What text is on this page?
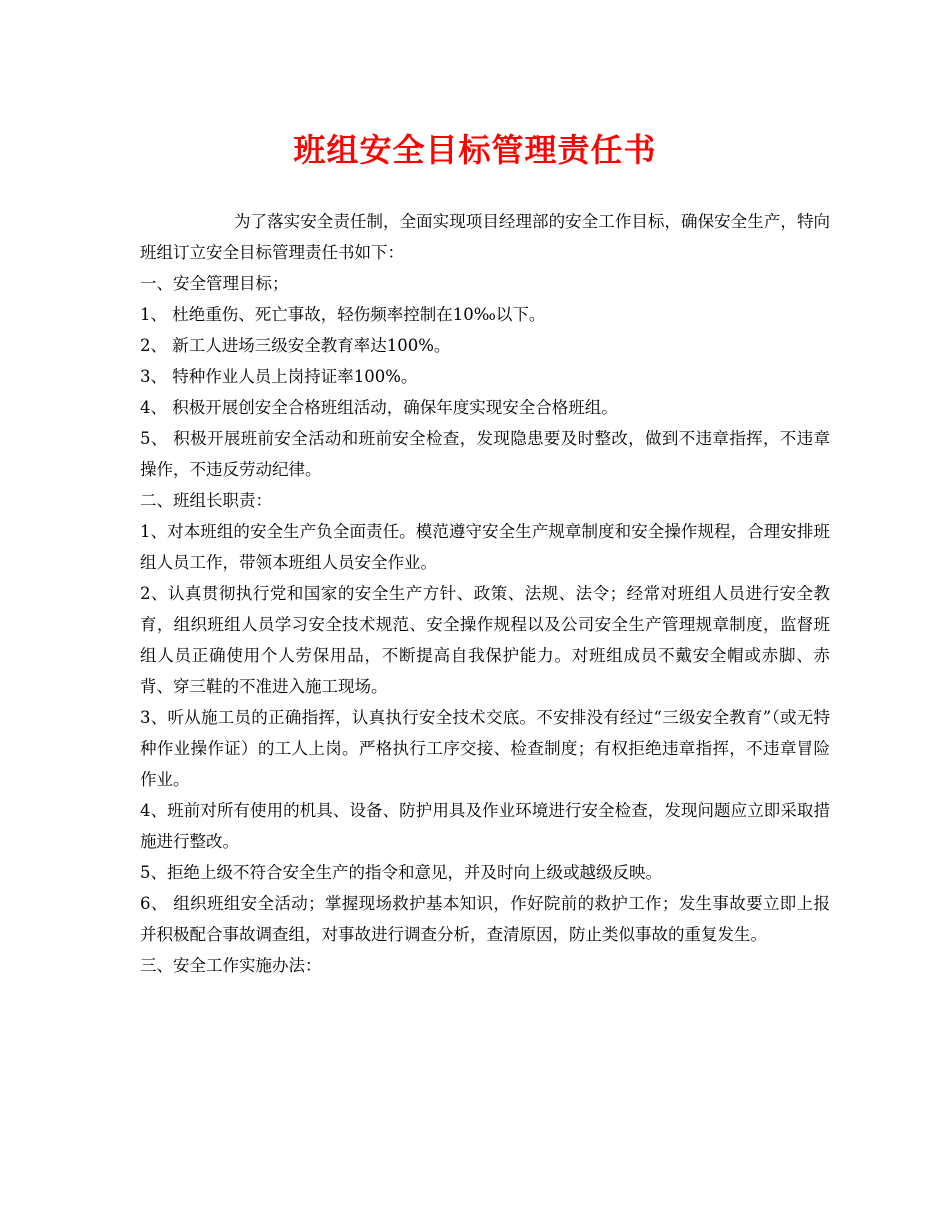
班组安全目标管理责任书

为了落实安全责任制，全面实现项目经理部的安全工作目标，确保安全生产，特向班组订立安全目标管理责任书如下：

一、安全管理目标；

1、 杜绝重伤、死亡事故，轻伤频率控制在10‰以下。

2、 新工人进场三级安全教育率达100%。

3、 特种作业人员上岗持证率100%。

4、 积极开展创安全合格班组活动，确保年度实现安全合格班组。

5、 积极开展班前安全活动和班前安全检查，发现隐患要及时整改，做到不违章指挥，不违章操作，不违反劳动纪律。

二、班组长职责：

1、对本班组的安全生产负全面责任。模范遵守安全生产规章制度和安全操作规程，合理安排班组人员工作，带领本班组人员安全作业。

2、认真贯彻执行党和国家的安全生产方针、政策、法规、法令；经常对班组人员进行安全教育，组织班组人员学习安全技术规范、安全操作规程以及公司安全生产管理规章制度，监督班组人员正确使用个人劳保用品，不断提高自我保护能力。对班组成员不戴安全帽或赤脚、赤背、穿三鞋的不准进入施工现场。

3、听从施工员的正确指挥，认真执行安全技术交底。不安排没有经过“三级安全教育”（或无特种作业操作证）的工人上岗。严格执行工序交接、检查制度；有权拒绝违章指挥，不违章冒险作业。

4、班前对所有使用的机具、设备、防护用具及作业环境进行安全检查，发现问题应立即采取措施进行整改。

5、拒绝上级不符合安全生产的指令和意见，并及时向上级或越级反映。

6、 组织班组安全活动；掌握现场救护基本知识，作好院前的救护工作；发生事故要立即上报并积极配合事故调查组，对事故进行调查分析，查清原因，防止类似事故的重复发生。

三、安全工作实施办法：
